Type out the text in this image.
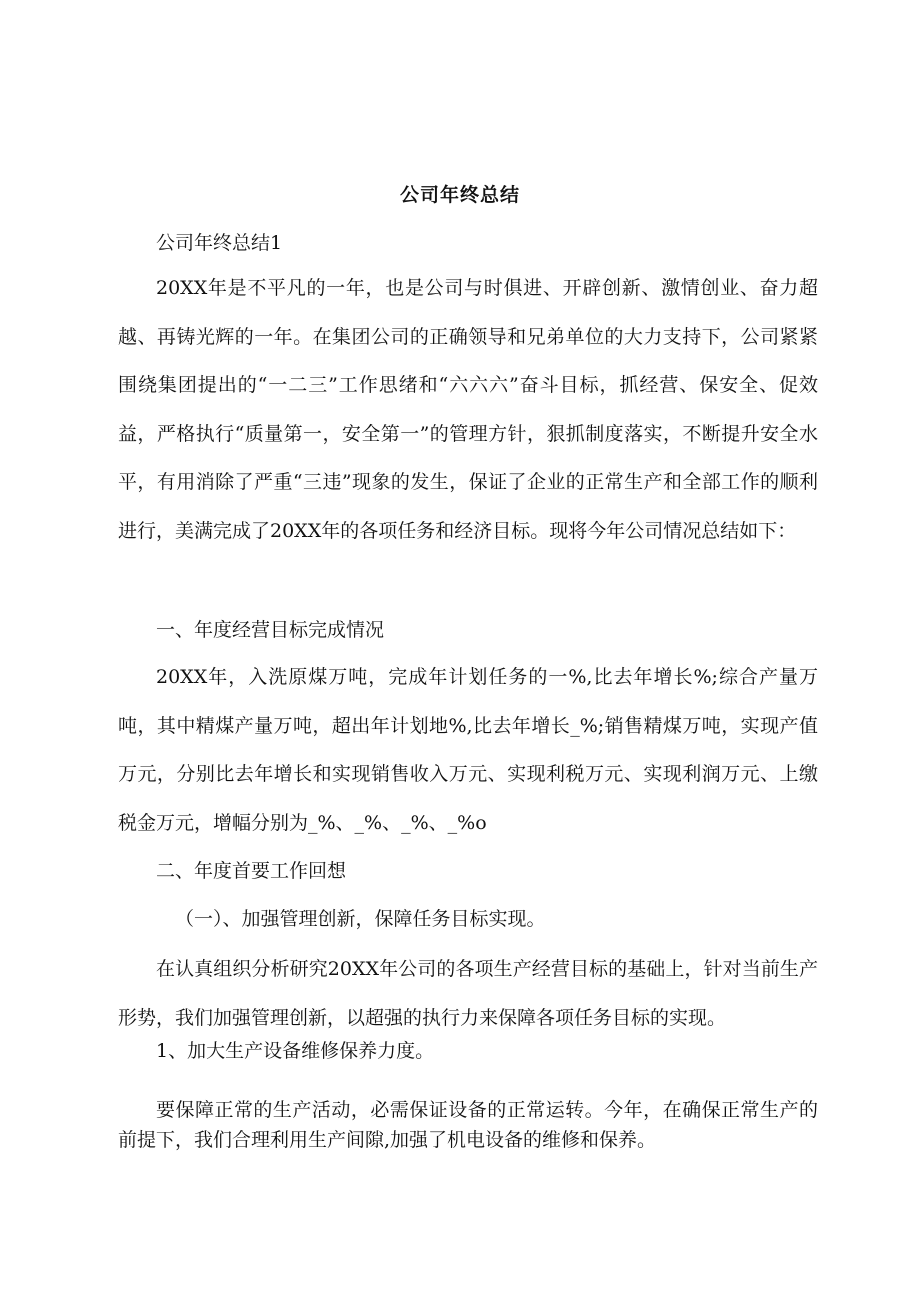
公司年终总结

公司年终总结1

20XX年是不平凡的一年，也是公司与时俱进、开辟创新、激情创业、奋力超越、再铸光辉的一年。在集团公司的正确领导和兄弟单位的大力支持下，公司紧紧围绕集团提出的“一二三”工作思绪和“六六六”奋斗目标，抓经营、保安全、促效益，严格执行“质量第一，安全第一”的管理方针，狠抓制度落实，不断提升安全水平，有用消除了严重“三违”现象的发生，保证了企业的正常生产和全部工作的顺利进行，美满完成了20XX年的各项任务和经济目标。现将今年公司情况总结如下：

一、年度经营目标完成情况

20XX年，入洗原煤万吨，完成年计划任务的一%,比去年增长%;综合产量万吨，其中精煤产量万吨，超出年计划地%,比去年增长_%;销售精煤万吨，实现产值万元，分别比去年增长和实现销售收入万元、实现利税万元、实现利润万元、上缴税金万元，增幅分别为_%、_%、_%、_%o

二、年度首要工作回想

（一）、加强管理创新，保障任务目标实现。

在认真组织分析研究20XX年公司的各项生产经营目标的基础上，针对当前生产形势，我们加强管理创新，以超强的执行力来保障各项任务目标的实现。

1、加大生产设备维修保养力度。

要保障正常的生产活动，必需保证设备的正常运转。今年，在确保正常生产的前提下，我们合理利用生产间隙,加强了机电设备的维修和保养。
